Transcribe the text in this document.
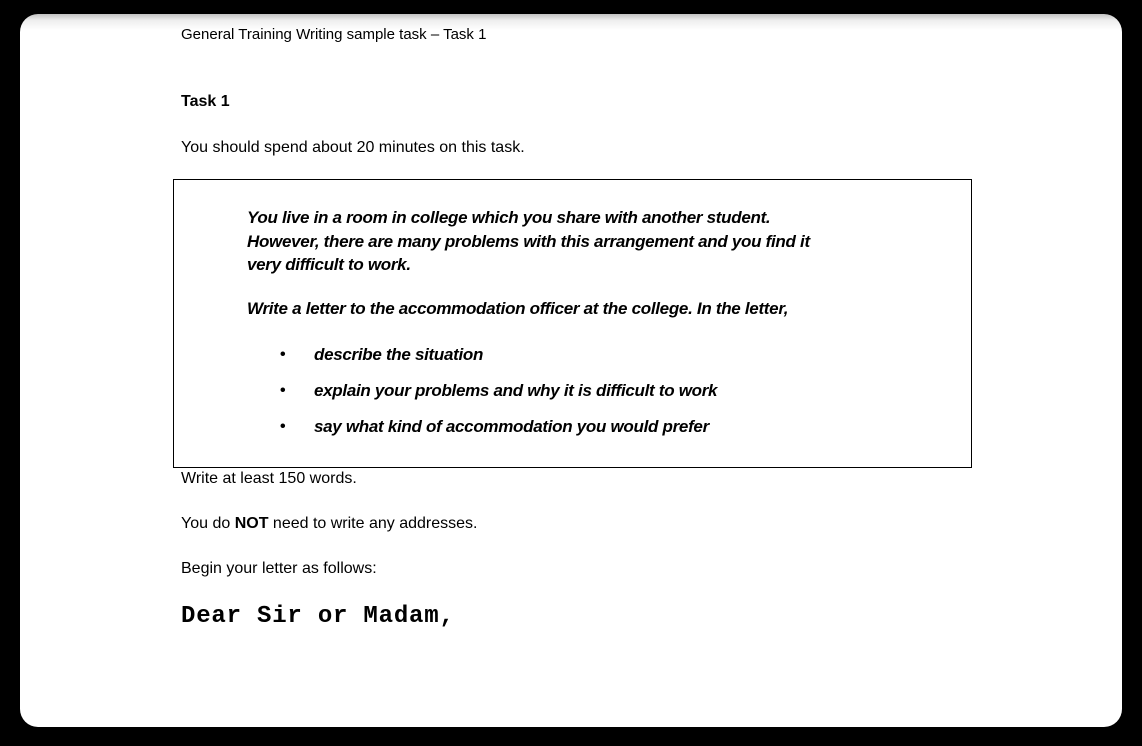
General Training Writing sample task – Task 1

Task 1

You should spend about 20 minutes on this task.

You live in a room in college which you share with another student.
However, there are many problems with this arrangement and you find it
very difficult to work.
Write a letter to the accommodation officer at the college. In the letter,
• describe the situation
• explain your problems and why it is difficult to work
• say what kind of accommodation you would prefer

Write at least 150 words.

You do NOT need to write any addresses.

Begin your letter as follows:

Dear Sir or Madam,
